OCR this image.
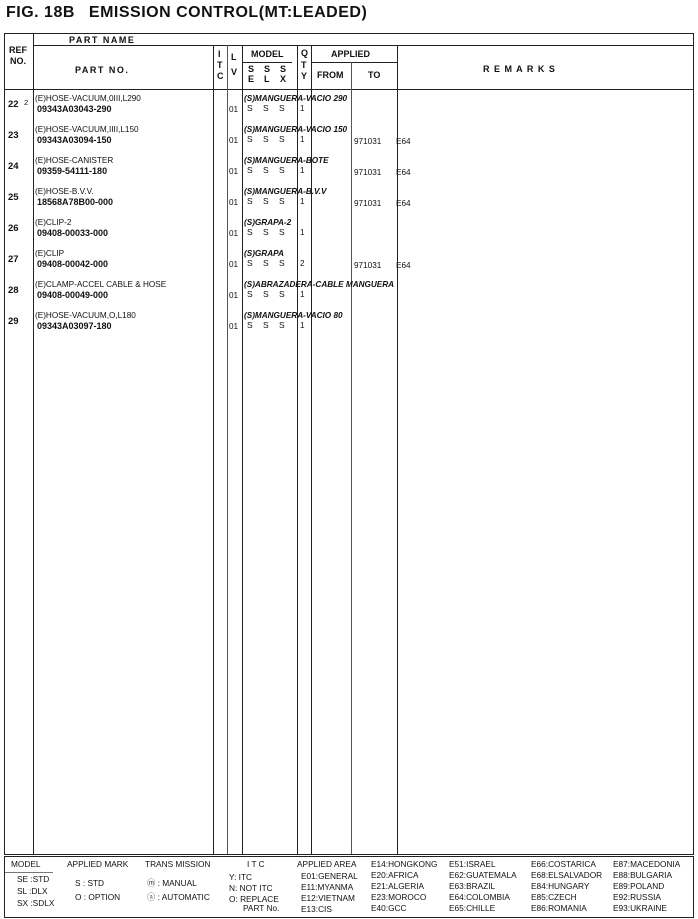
FIG. 18B EMISSION CONTROL(MT:LEADED)
REF
NO.
PART NAME
PART NO.
I
T
C
L
V
MODEL
S
E
S
L
S
X
Q
T
Y
APPLIED
FROM	TO
R E M A R K S
22 2 (E)HOSE-VACUUM,0III,L290
09343A03043-290	01 S S S
(S)MANGUERA-VACIO 290
1
23
(E)HOSE-VACUUM,IIII,L150
09343A03094-150	01 S S S
(S)MANGUERA-VACIO 150
1	971031 E64
24
(E)HOSE-CANISTER
09359-54111-180	01 S S S
(S)MANGUERA-BOTE
1	971031 E64
25
(E)HOSE-B.V.V.
18568A78B00-000	01 S S S
(S)MANGUERA-B.V.V
1	971031 E64
26
(E)CLIP-2
09408-00033-000	01 S S S
(S)GRAPA-2
1
27
(E)CLIP
09408-00042-000	01 S S S
(S)GRAPA
2	971031 E64
28
(E)CLAMP-ACCEL CABLE & HOSE
09408-00049-000	01 S S S
(S)ABRAZADERA-CABLE MANGUERA
1
29
(E)HOSE-VACUUM,O,L180
09343A03097-180	01 S S S
(S)MANGUERA-VACIO 80
1
MODEL	APPLIED MARK TRANS MISSION	I T C	APPLIED AREA
SE :STD
SL :DLX
SX :SDLX
S : STD
O : OPTION
ⓜ : MANUAL
ⓐ : AUTOMATIC
Y: ITC
N: NOT ITC
O: REPLACE
PART No.
E01:GENERAL
E11:MYANMA
E12:VIETNAM
E13:CIS
E14:HONGKONG
E20:AFRICA
E21:ALGERIA
E23:MOROCO
E40:GCC
E51:ISRAEL
E62:GUATEMALA
E63:BRAZIL
E64:COLOMBIA
E65:CHILLE
E66:COSTARICA
E68:ELSALVADOR
E84:HUNGARY
E85:CZECH
E86:ROMANIA
E87:MACEDONIA
E88:BULGARIA
E89:POLAND
E92:RUSSIA
E93:UKRAINE
